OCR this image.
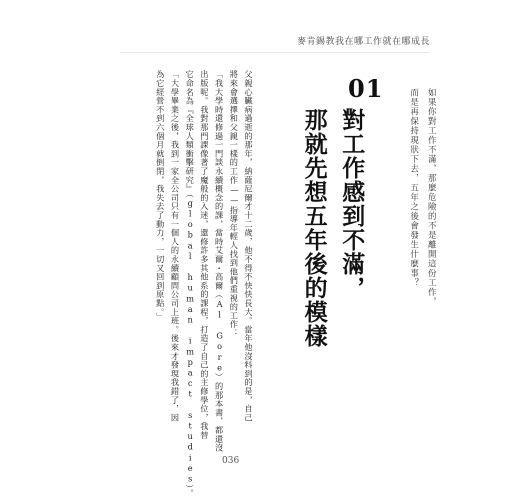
麥肯錫教我在哪工作就在哪成長
01	如果你對工作不滿，那麼危險的不是離開這份工作，
而是再保持現狀下去，五年之後會發生什麼事？
對工作感到不滿，
那就先想五年後的模樣
父親心臟病過逝的那年，納薩尼爾才十二歲，他不得不快快長大。當年他沒料到的是，自己
將來會選擇和父親一樣的工作——指導年輕人找到他們重視的工作：
「我大學時還修過一門談永續概念的課，當時艾爾・高爾（Al Gore）的那本書，都還沒
出版呢。我對那門課像著了魔般的入迷，還修許多其他系的課程，打造了自己的主修學位，我替
它命名為『全球人類衝擊研究』（global human impact studies）。
「大學畢業之後，我到一家全公司只有一個人的永續顧問公司上班。後來才發現我錯了，因
為它經營不到六個月就倒閉，我失去了動力，一切又回到原點。」
036
